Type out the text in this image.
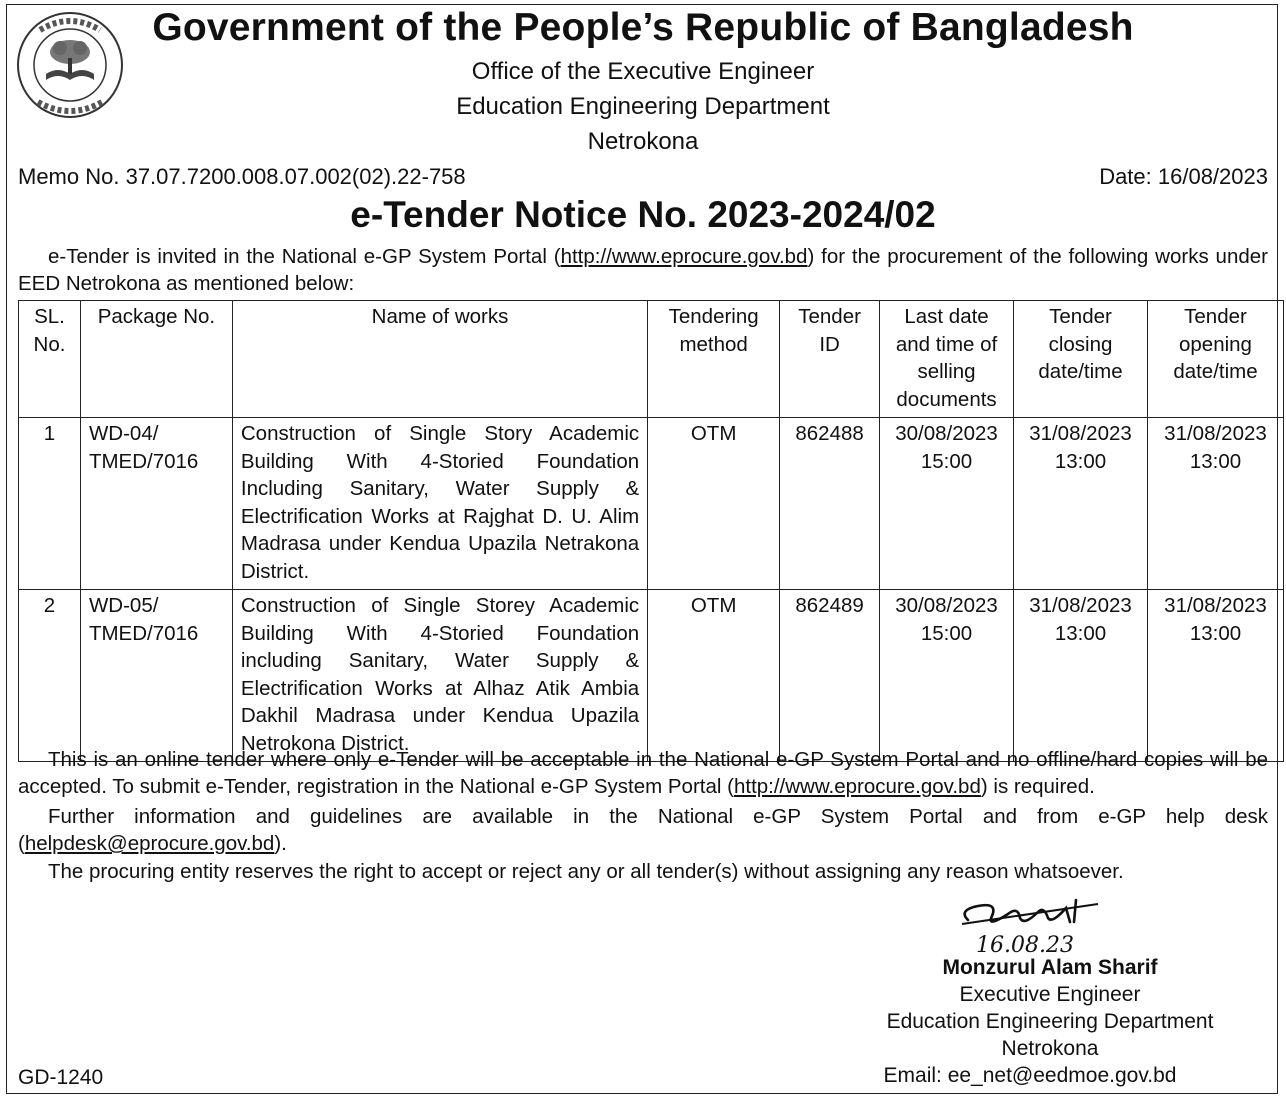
Government of the People’s Republic of Bangladesh
Office of the Executive Engineer
Education Engineering Department
Netrokona
Memo No. 37.07.7200.008.07.002(02).22-758	Date: 16/08/2023
e-Tender Notice No. 2023-2024/02
e-Tender is invited in the National e-GP System Portal (http://www.eprocure.gov.bd) for the procurement of the following works under EED Netrokona as mentioned below:
SL. No.	Package No.	Name of works	Tendering method	Tender ID	Last date and time of selling documents	Tender closing date/time	Tender opening date/time
1	WD-04/ TMED/7016	Construction of Single Story Academic Building With 4-Storied Foundation Including Sanitary, Water Supply & Electrification Works at Rajghat D. U. Alim Madrasa under Kendua Upazila Netrakona District.	OTM	862488	30/08/2023 15:00	31/08/2023 13:00	31/08/2023 13:00
2	WD-05/ TMED/7016	Construction of Single Storey Academic Building With 4-Storied Foundation including Sanitary, Water Supply & Electrification Works at Alhaz Atik Ambia Dakhil Madrasa under Kendua Upazila Netrokona District.	OTM	862489	30/08/2023 15:00	31/08/2023 13:00	31/08/2023 13:00
This is an online tender where only e-Tender will be acceptable in the National e-GP System Portal and no offline/hard copies will be accepted. To submit e-Tender, registration in the National e-GP System Portal (http://www.eprocure.gov.bd) is required.
Further information and guidelines are available in the National e-GP System Portal and from e-GP help desk (helpdesk@eprocure.gov.bd).
The procuring entity reserves the right to accept or reject any or all tender(s) without assigning any reason whatsoever.
16.08.23
Monzurul Alam Sharif
Executive Engineer
Education Engineering Department
Netrokona
Email: ee_net@eedmoe.gov.bd
GD-1240
